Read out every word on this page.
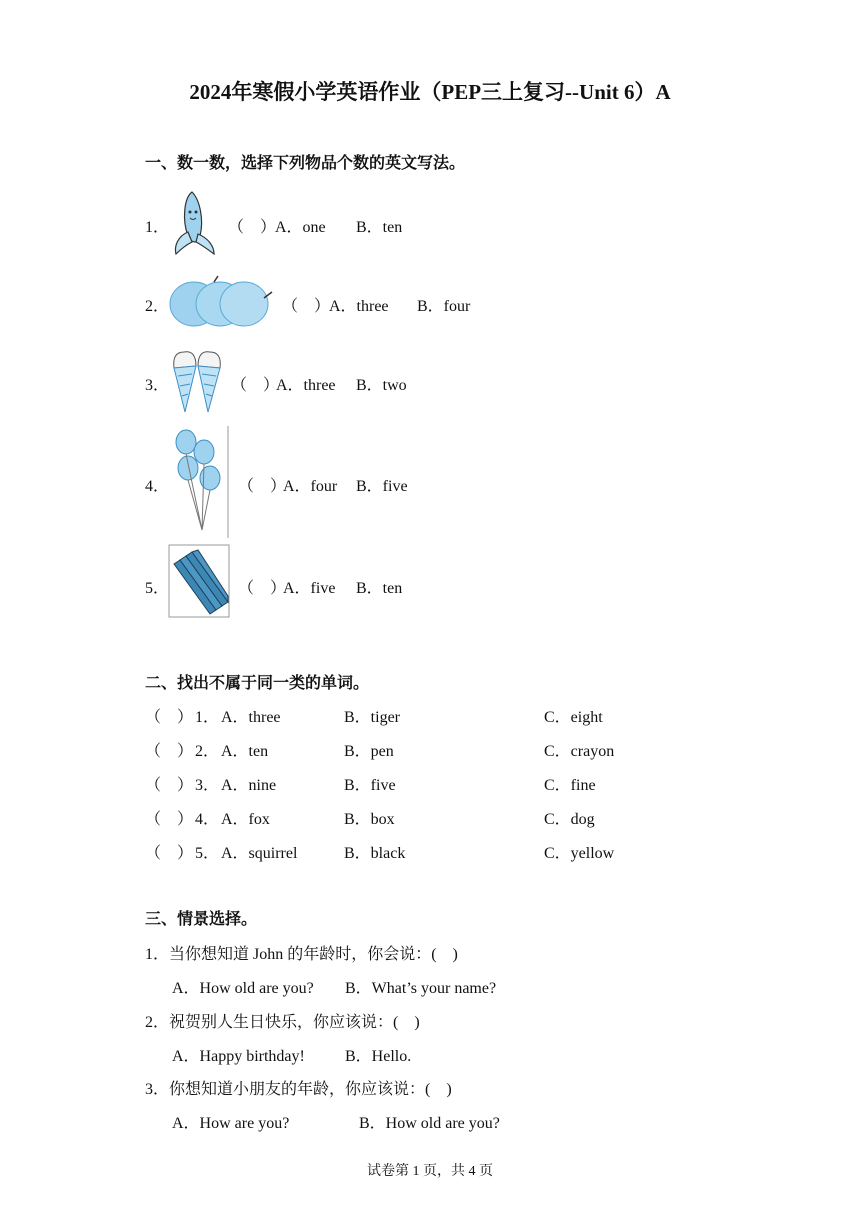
2024年寒假小学英语作业（PEP三上复习--Unit 6）A
一、数一数，选择下列物品个数的英文写法。
1．	（　）
A．one B．ten
2．	（　）
A．three B．four
3．	（　）
A．three B．two
4．	（　）
A．four B．five
5．	（　）
A．five B．ten
二、找出不属于同一类的单词。
（　） 1． A．three	B．tiger	C．eight
（　） 2． A．ten	B．pen	C．crayon
（　） 3． A．nine	B．five	C．fine
（　） 4． A．fox	B．box	C．dog
（　） 5． A．squirrel	B．black	C．yellow
三、情景选择。
1．当你想知道 John 的年龄时，你会说：(　)
A．How old are you? B．What’s your name?
2．祝贺别人生日快乐，你应该说：(　)
A．Happy birthday!	B．Hello.
3．你想知道小朋友的年龄，你应该说：(　)
A．How are you?	B．How old are you?
试卷第 1 页，共 4 页
